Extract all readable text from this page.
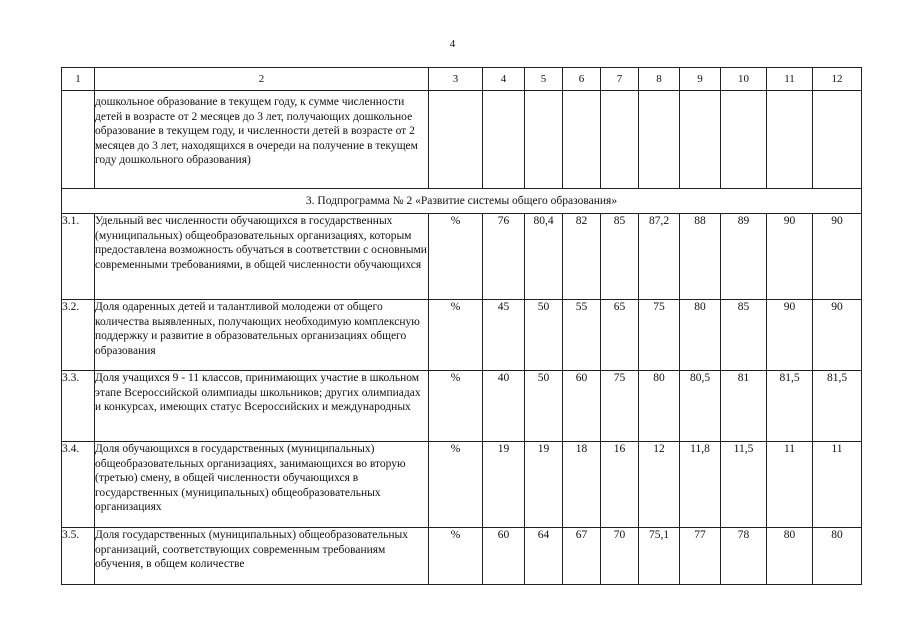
4
1	2	3	4	5	6	7	8	9	10	11	12
	дошкольное образование в текущем году, к сумме численности детей в возрасте от 2 месяцев до 3 лет, получающих дошкольное образование в текущем году, и численности детей в возрасте от 2 месяцев до 3 лет, находящихся в очереди на получение в текущем году дошкольного образования)										
3. Подпрограмма № 2 «Развитие системы общего образования»											
3.1.	Удельный вес численности обучающихся в государственных (муниципальных) общеобразовательных организациях, которым предоставлена возможность обучаться в соответствии с основными современными требованиями, в общей численности обучающихся	%	76	80,4	82	85	87,2	88	89	90	90
3.2.	Доля одаренных детей и талантливой молодежи от общего количества выявленных, получающих необходимую комплексную поддержку и развитие в образовательных организациях общего образования	%	45	50	55	65	75	80	85	90	90
3.3.	Доля учащихся 9 - 11 классов, принимающих участие в школьном этапе Всероссийской олимпиады школьников; других олимпиадах и конкурсах, имеющих статус Всероссийских и международных	%	40	50	60	75	80	80,5	81	81,5	81,5
3.4.	Доля обучающихся в государственных (муниципальных) общеобразовательных организациях, занимающихся во вторую (третью) смену, в общей численности обучающихся в государственных (муниципальных) общеобразовательных организациях	%	19	19	18	16	12	11,8	11,5	11	11
3.5.	Доля государственных (муниципальных) общеобразовательных организаций, соответствующих современным требованиям обучения, в общем количестве	%	60	64	67	70	75,1	77	78	80	80
